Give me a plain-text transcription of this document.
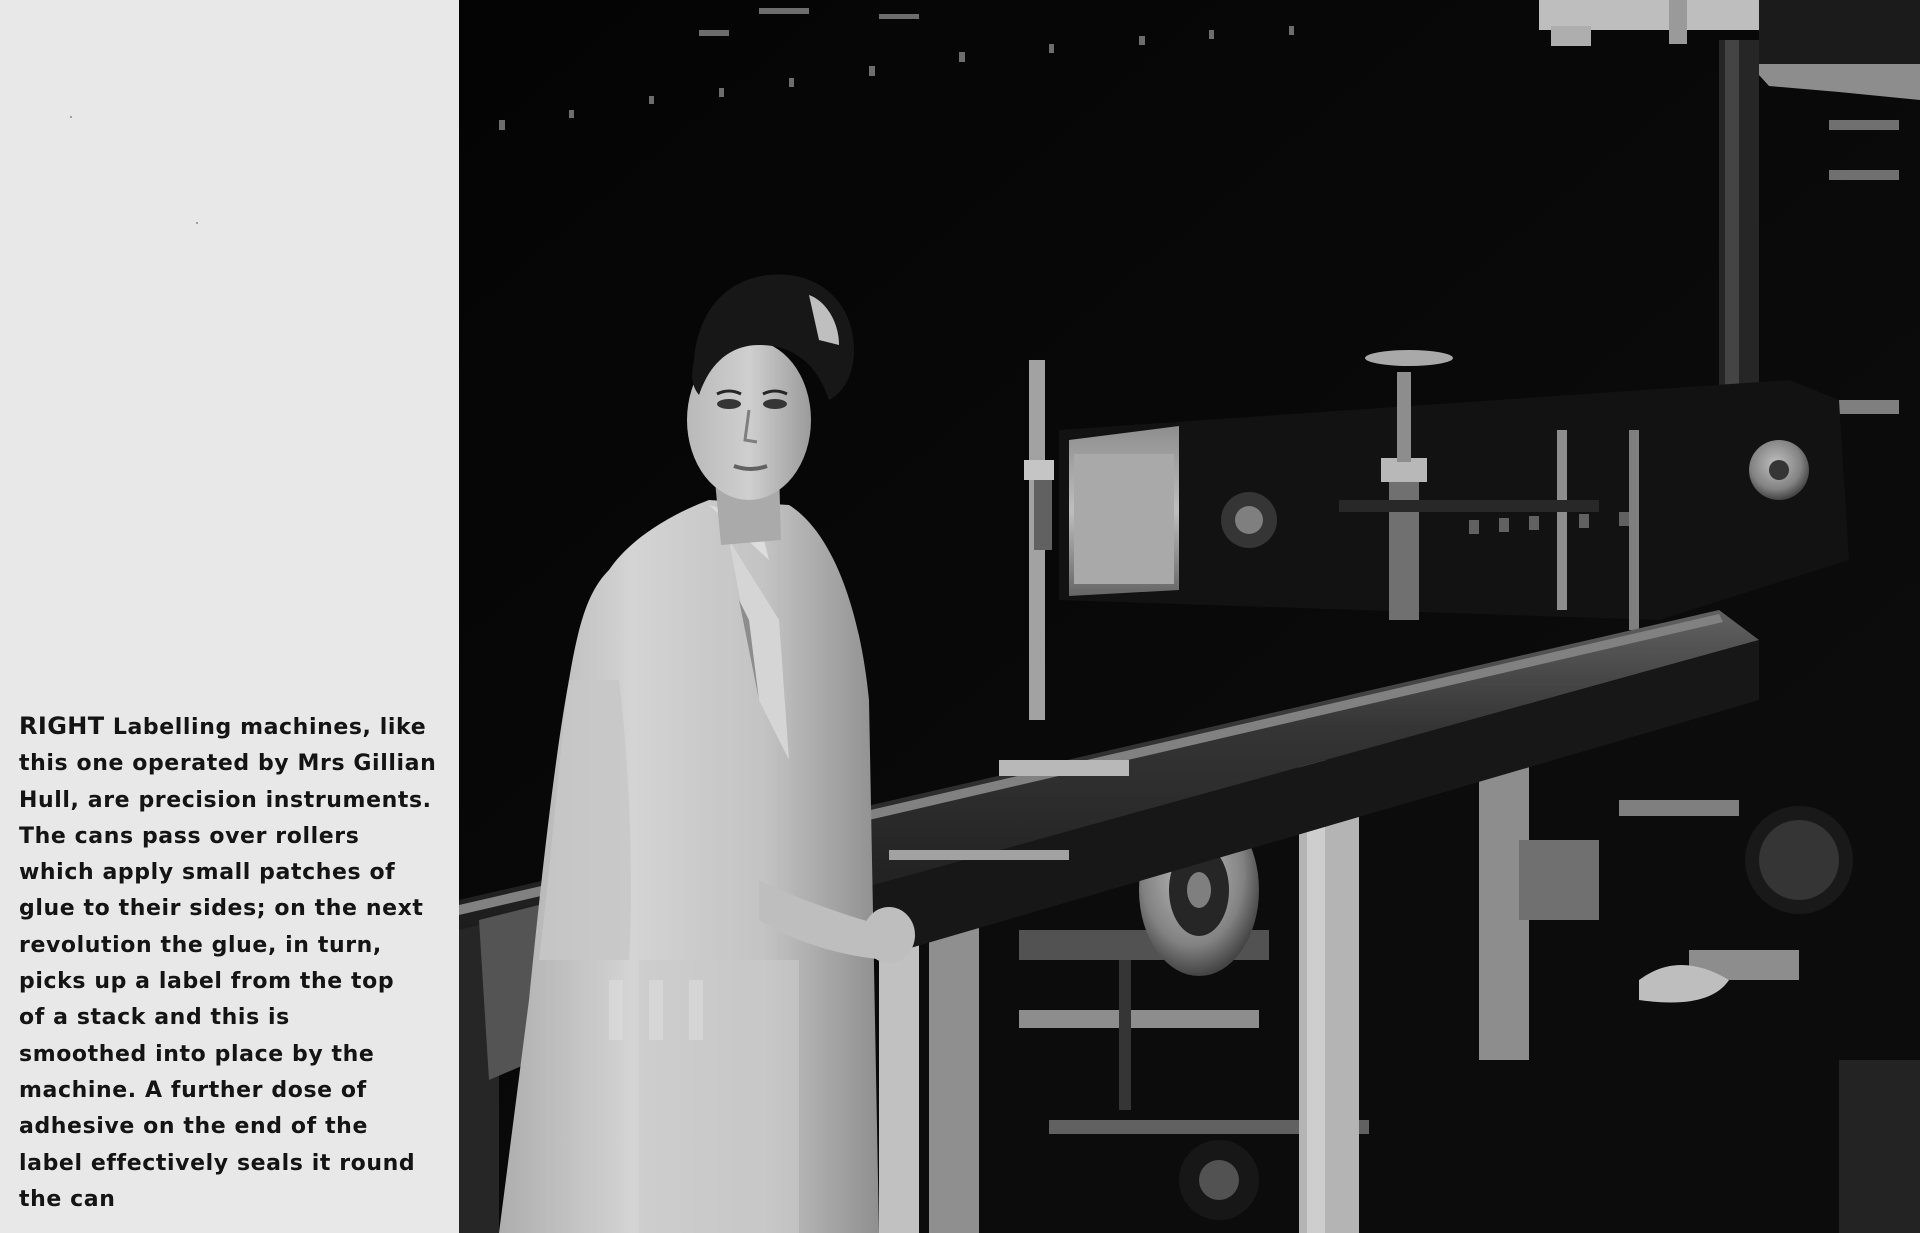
RIGHT Labelling machines, like
this one operated by Mrs Gillian
Hull, are precision instruments.
The cans pass over rollers
which apply small patches of
glue to their sides; on the next
revolution the glue, in turn,
picks up a label from the top
of a stack and this is
smoothed into place by the
machine. A further dose of
adhesive on the end of the
label effectively seals it round
the can
